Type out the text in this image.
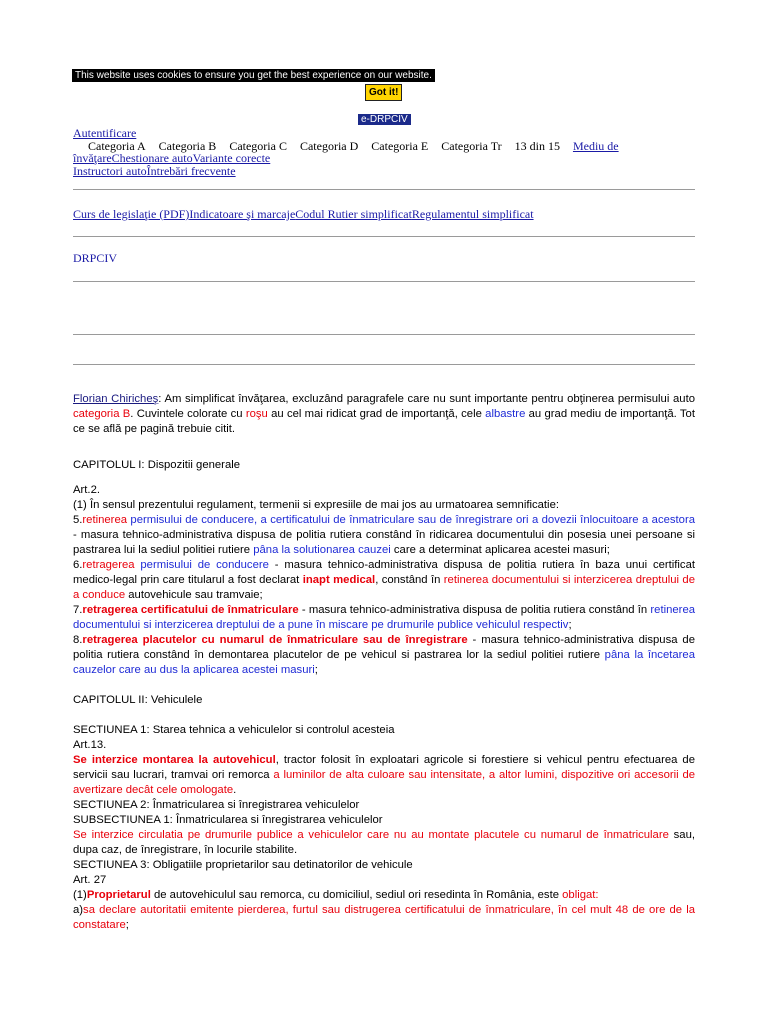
This website uses cookies to ensure you get the best experience on our website.
Got it!
e-DRPCIV
Autentificare
Categoria A Categoria B Categoria C Categoria D Categoria E Categoria Tr 13 din 15 Mediu de
învăţareChestionare autoVariante corecte
Instructori autoÎntrebări frecvente
Curs de legislaţie (PDF)Indicatoare şi marcajeCodul Rutier simplificatRegulamentul simplificat
DRPCIV

Florian Chiricheş: Am simplificat învăţarea, excluzând paragrafele care nu sunt importante pentru obţinerea permisului auto categoria B. Cuvintele colorate cu roşu au cel mai ridicat grad de importanţă, cele albastre au grad mediu de importanţă. Tot ce se află pe pagină trebuie citit.

CAPITOLUL I: Dispozitii generale

Art.2.

(1) În sensul prezentului regulament, termenii si expresiile de mai jos au urmatoarea semnificatie:

5.retinerea permisului de conducere, a certificatului de înmatriculare sau de înregistrare ori a dovezii înlocuitoare a acestora - masura tehnico-administrativa dispusa de politia rutiera constând în ridicarea documentului din posesia unei persoane si pastrarea lui la sediul politiei rutiere pâna la solutionarea cauzei care a determinat aplicarea acestei masuri;

6.retragerea permisului de conducere - masura tehnico-administrativa dispusa de politia rutiera în baza unui certificat medico-legal prin care titularul a fost declarat inapt medical, constând în retinerea documentului si interzicerea dreptului de a conduce autovehicule sau tramvaie;

7.retragerea certificatului de înmatriculare - masura tehnico-administrativa dispusa de politia rutiera constând în retinerea documentului si interzicerea dreptului de a pune în miscare pe drumurile publice vehiculul respectiv;

8.retragerea placutelor cu numarul de înmatriculare sau de înregistrare - masura tehnico-administrativa dispusa de politia rutiera constând în demontarea placutelor de pe vehicul si pastrarea lor la sediul politiei rutiere pâna la încetarea cauzelor care au dus la aplicarea acestei masuri;

CAPITOLUL II: Vehiculele

SECTIUNEA 1: Starea tehnica a vehiculelor si controlul acesteia

Art.13.

Se interzice montarea la autovehicul, tractor folosit în exploatari agricole si forestiere si vehicul pentru efectuarea de servicii sau lucrari, tramvai ori remorca a luminilor de alta culoare sau intensitate, a altor lumini, dispozitive ori accesorii de avertizare decât cele omologate.

SECTIUNEA 2: Înmatricularea si înregistrarea vehiculelor

SUBSECTIUNEA 1: Înmatricularea si înregistrarea vehiculelor

Se interzice circulatia pe drumurile publice a vehiculelor care nu au montate placutele cu numarul de înmatriculare sau, dupa caz, de înregistrare, în locurile stabilite.

SECTIUNEA 3: Obligatiile proprietarilor sau detinatorilor de vehicule

Art. 27

(1)Proprietarul de autovehiculul sau remorca, cu domiciliul, sediul ori resedinta în România, este obligat:

a)sa declare autoritatii emitente pierderea, furtul sau distrugerea certificatului de înmatriculare, în cel mult 48 de ore de la constatare;
